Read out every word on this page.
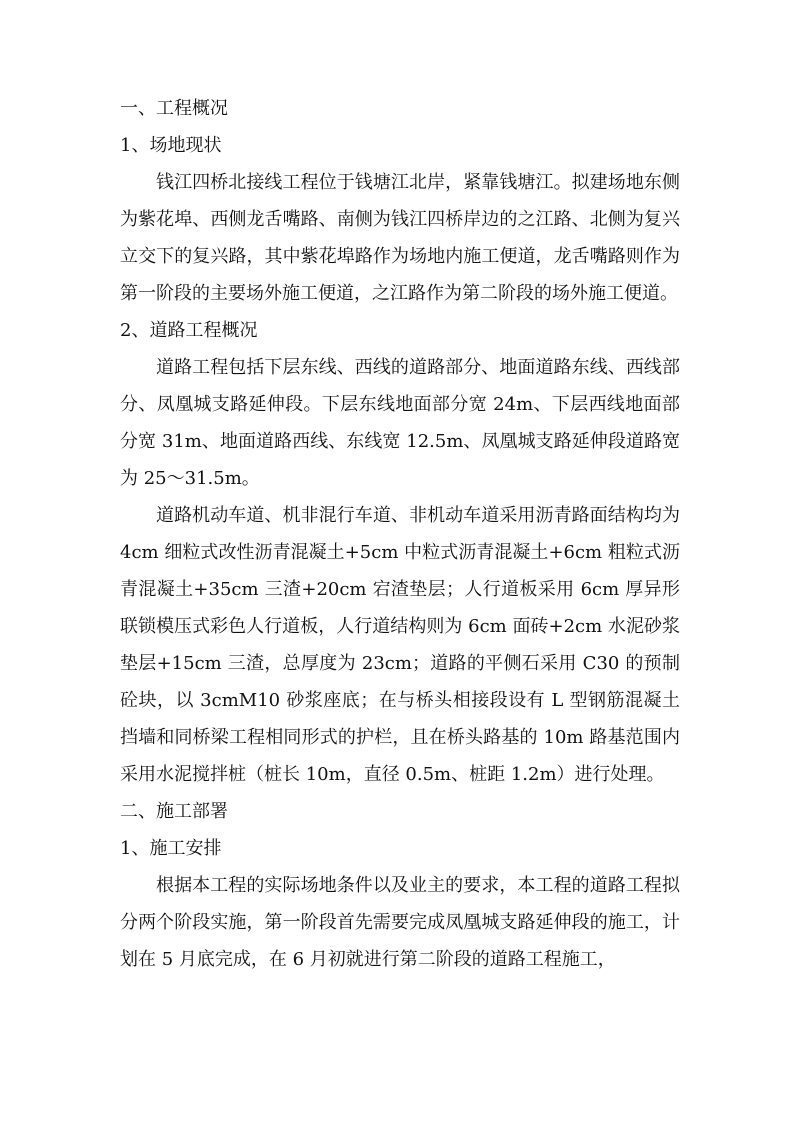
一、工程概况
1、场地现状

钱江四桥北接线工程位于钱塘江北岸，紧靠钱塘江。拟建场地东侧为紫花埠、西侧龙舌嘴路、南侧为钱江四桥岸边的之江路、北侧为复兴立交下的复兴路，其中紫花埠路作为场地内施工便道，龙舌嘴路则作为第一阶段的主要场外施工便道，之江路作为第二阶段的场外施工便道。

2、道路工程概况

道路工程包括下层东线、西线的道路部分、地面道路东线、西线部分、凤凰城支路延伸段。下层东线地面部分宽 24m、下层西线地面部分宽 31m、地面道路西线、东线宽 12.5m、凤凰城支路延伸段道路宽为 25～31.5m。

道路机动车道、机非混行车道、非机动车道采用沥青路面结构均为 4cm 细粒式改性沥青混凝土+5cm 中粒式沥青混凝土+6cm 粗粒式沥青混凝土+35cm 三渣+20cm 宕渣垫层；人行道板采用 6cm 厚异形联锁模压式彩色人行道板，人行道结构则为 6cm 面砖+2cm 水泥砂浆垫层+15cm 三渣，总厚度为 23cm；道路的平侧石采用 C30 的预制砼块，以 3cmM10 砂浆座底；在与桥头相接段设有 L 型钢筋混凝土挡墙和同桥梁工程相同形式的护栏，且在桥头路基的 10m 路基范围内采用水泥搅拌桩（桩长 10m，直径 0.5m、桩距 1.2m）进行处理。

二、施工部署
1、施工安排

根据本工程的实际场地条件以及业主的要求，本工程的道路工程拟分两个阶段实施，第一阶段首先需要完成凤凰城支路延伸段的施工，计划在 5 月底完成，在 6 月初就进行第二阶段的道路工程施工，
